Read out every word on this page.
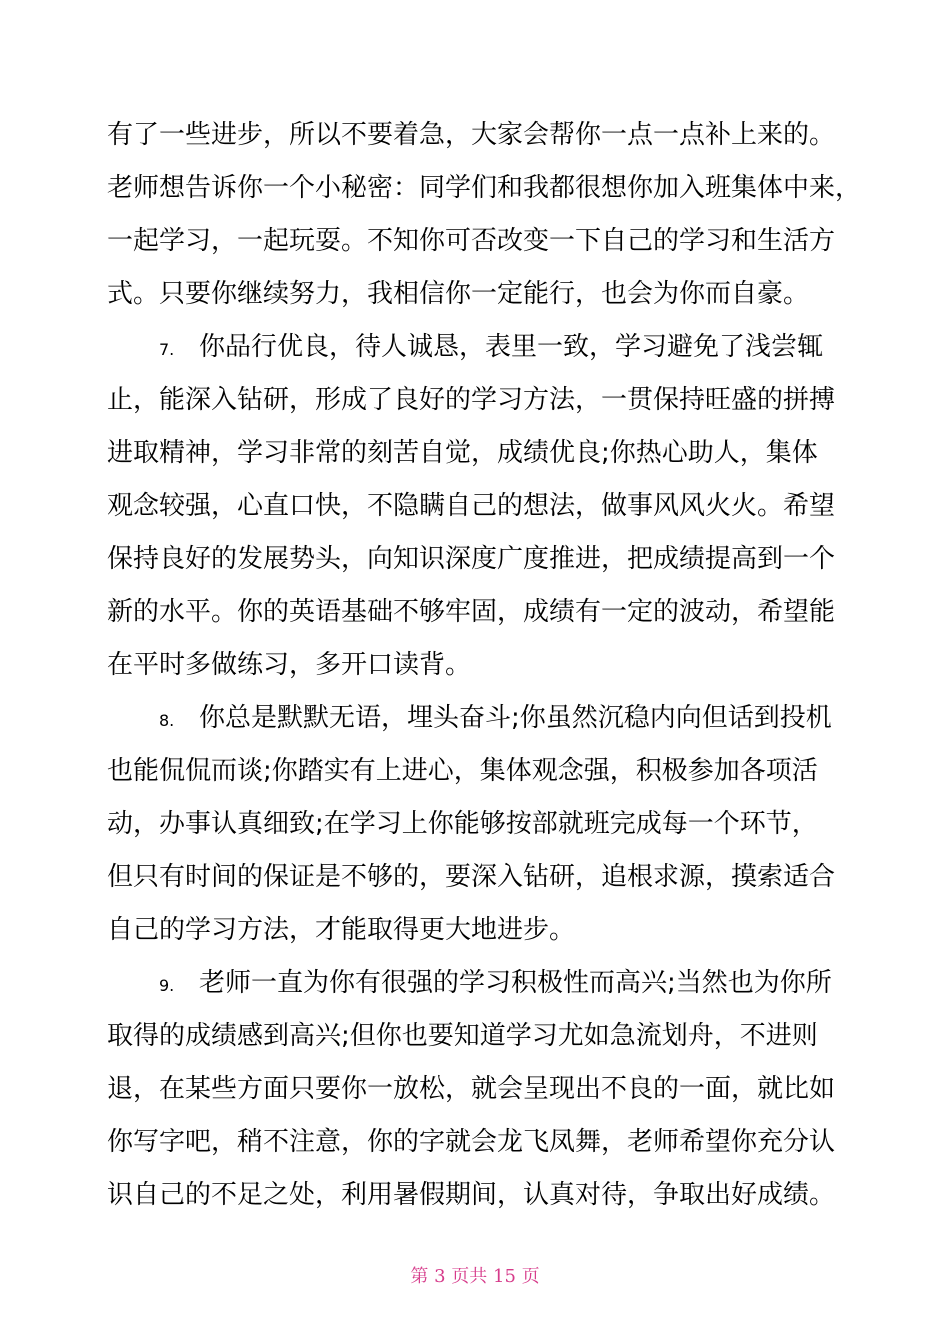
有了一些进步，所以不要着急，大家会帮你一点一点补上来的。
老师想告诉你一个小秘密：同学们和我都很想你加入班集体中来，
一起学习，一起玩耍。不知你可否改变一下自己的学习和生活方
式。只要你继续努力，我相信你一定能行，也会为你而自豪。
7. 你品行优良，待人诚恳，表里一致，学习避免了浅尝辄
止，能深入钻研，形成了良好的学习方法，一贯保持旺盛的拼搏
进取精神，学习非常的刻苦自觉，成绩优良;你热心助人，集体
观念较强，心直口快，不隐瞒自己的想法，做事风风火火。希望
保持良好的发展势头，向知识深度广度推进，把成绩提高到一个
新的水平。你的英语基础不够牢固，成绩有一定的波动，希望能
在平时多做练习，多开口读背。
8. 你总是默默无语，埋头奋斗;你虽然沉稳内向但话到投机
也能侃侃而谈;你踏实有上进心，集体观念强，积极参加各项活
动，办事认真细致;在学习上你能够按部就班完成每一个环节，
但只有时间的保证是不够的，要深入钻研，追根求源，摸索适合
自己的学习方法，才能取得更大地进步。
9. 老师一直为你有很强的学习积极性而高兴;当然也为你所
取得的成绩感到高兴;但你也要知道学习尤如急流划舟，不进则
退，在某些方面只要你一放松，就会呈现出不良的一面，就比如
你写字吧，稍不注意，你的字就会龙飞凤舞，老师希望你充分认
识自己的不足之处，利用暑假期间，认真对待，争取出好成绩。
第 3 页共 15 页
